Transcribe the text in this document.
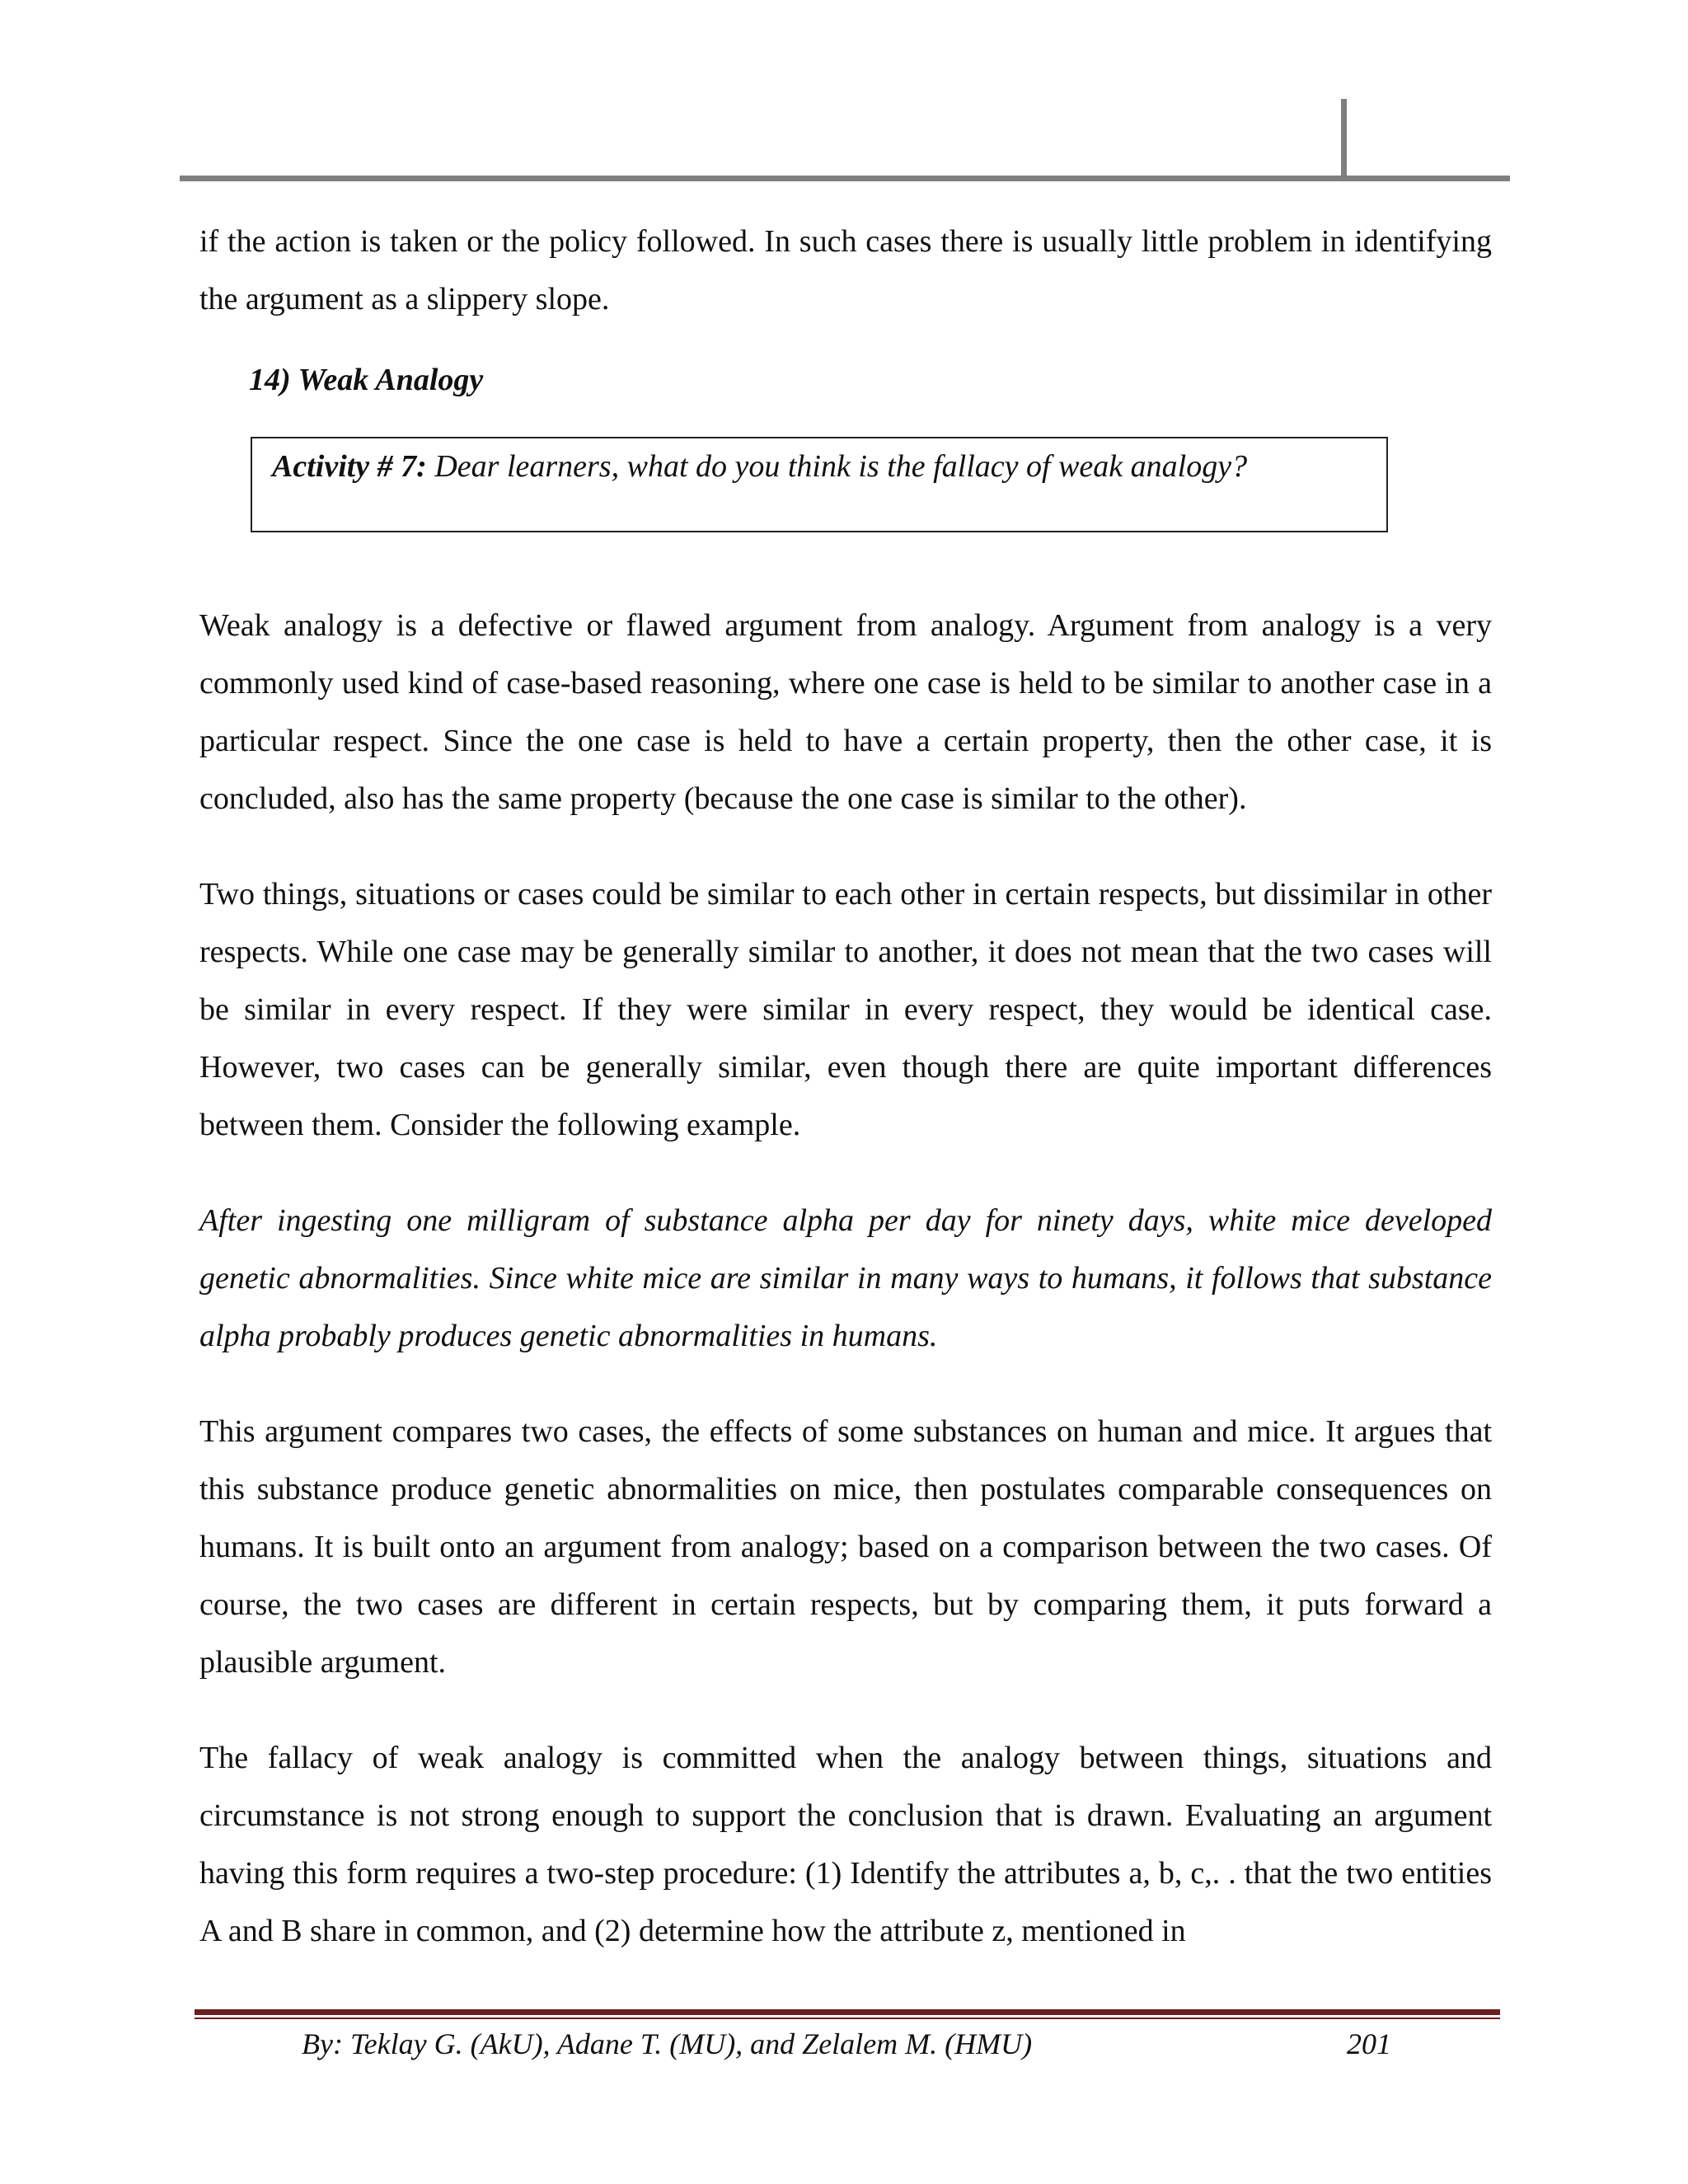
if the action is taken or the policy followed. In such cases there is usually little problem in identifying the argument as a slippery slope.

14) Weak Analogy
Activity # 7: Dear learners, what do you think is the fallacy of weak analogy?

Weak analogy is a defective or flawed argument from analogy. Argument from analogy is a very commonly used kind of case-based reasoning, where one case is held to be similar to another case in a particular respect. Since the one case is held to have a certain property, then the other case, it is concluded, also has the same property (because the one case is similar to the other).

Two things, situations or cases could be similar to each other in certain respects, but dissimilar in other respects. While one case may be generally similar to another, it does not mean that the two cases will be similar in every respect. If they were similar in every respect, they would be identical case. However, two cases can be generally similar, even though there are quite important differences between them. Consider the following example.

After ingesting one milligram of substance alpha per day for ninety days, white mice developed genetic abnormalities. Since white mice are similar in many ways to humans, it follows that substance alpha probably produces genetic abnormalities in humans.

This argument compares two cases, the effects of some substances on human and mice. It argues that this substance produce genetic abnormalities on mice, then postulates comparable consequences on humans. It is built onto an argument from analogy; based on a comparison between the two cases. Of course, the two cases are different in certain respects, but by comparing them, it puts forward a plausible argument.

The fallacy of weak analogy is committed when the analogy between things, situations and circumstance is not strong enough to support the conclusion that is drawn. Evaluating an argument having this form requires a two-step procedure: (1) Identify the attributes a, b, c,. . that the two entities A and B share in common, and (2) determine how the attribute z, mentioned in

By: Teklay G. (AkU), Adane T. (MU), and Zelalem M. (HMU)	201
